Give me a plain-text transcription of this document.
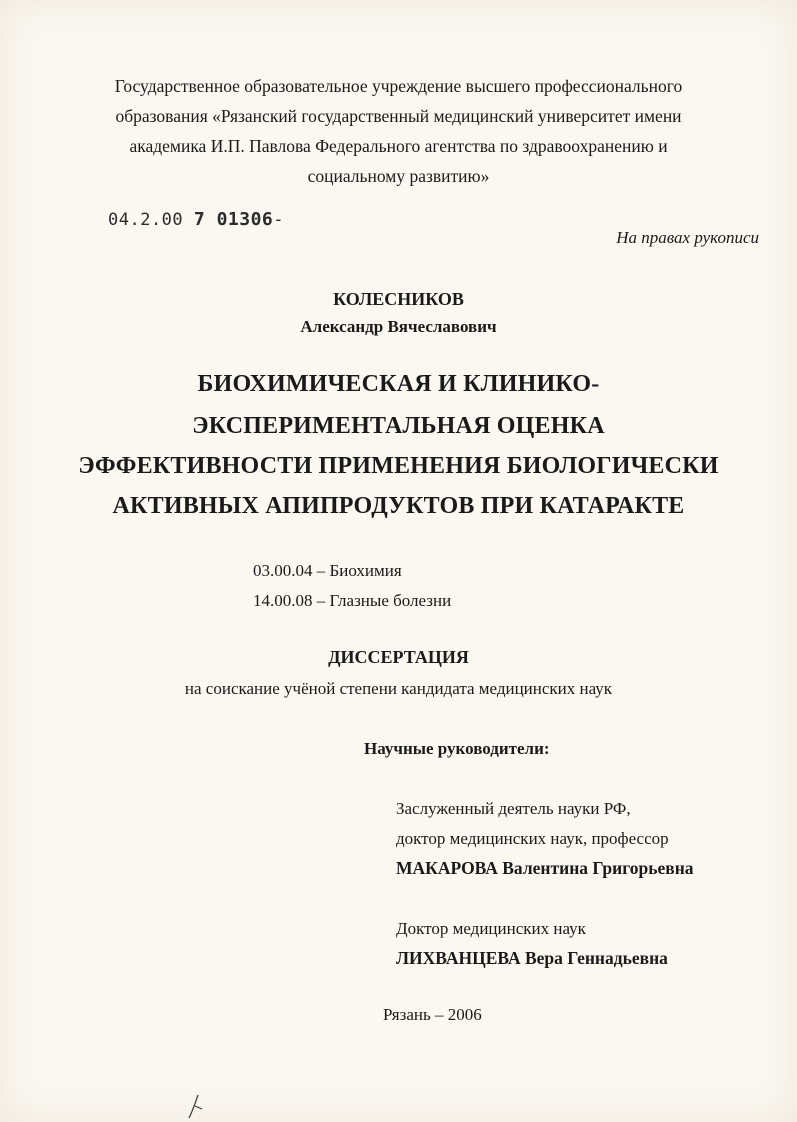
Государственное образовательное учреждение высшего профессионального
образования «Рязанский государственный медицинский университет имени
академика И.П. Павлова Федерального агентства по здравоохранению и
социальному развитию»
04.2.00 7 01306-
На правах рукописи
КОЛЕСНИКОВ
Александр Вячеславович
БИОХИМИЧЕСКАЯ И КЛИНИКО-
ЭКСПЕРИМЕНТАЛЬНАЯ ОЦЕНКА
ЭФФЕКТИВНОСТИ ПРИМЕНЕНИЯ БИОЛОГИЧЕСКИ
АКТИВНЫХ АПИПРОДУКТОВ ПРИ КАТАРАКТЕ
03.00.04 – Биохимия
14.00.08 – Глазные болезни
ДИССЕРТАЦИЯ
на соискание учёной степени кандидата медицинских наук
Научные руководители:
Заслуженный деятель науки РФ,
доктор медицинских наук, профессор
МАКАРОВА Валентина Григорьевна
Доктор медицинских наук
ЛИХВАНЦЕВА Вера Геннадьевна
Рязань – 2006
